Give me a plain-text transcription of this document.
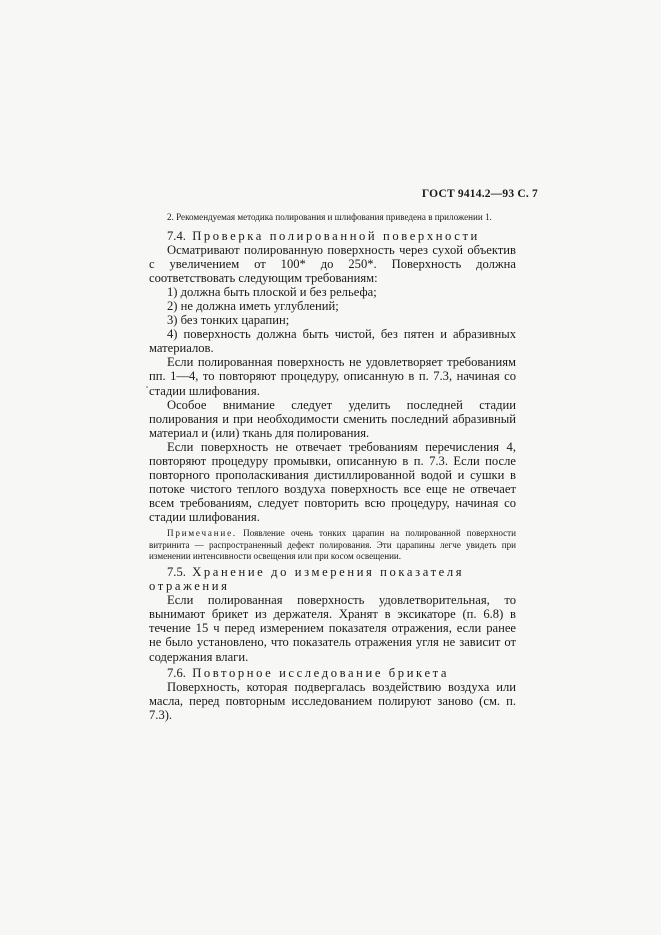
ГОСТ 9414.2—93 С. 7

2. Рекомендуемая методика полирования и шлифования приведена в приложении 1.

7.4. Проверка полированной поверхности

Осматривают полированную поверхность через сухой объектив с увеличением от 100* до 250*. Поверхность должна соответствовать следующим требованиям:

1) должна быть плоской и без рельефа;

2) не должна иметь углублений;

3) без тонких царапин;

4) поверхность должна быть чистой, без пятен и абразивных материалов.

Если полированная поверхность не удовлетворяет требованиям пп. 1—4, то повторяют процедуру, описанную в п. 7.3, начиная со стадии шлифования.

Особое внимание следует уделить последней стадии полирования и при необходимости сменить последний абразивный материал и (или) ткань для полирования.

Если поверхность не отвечает требованиям перечисления 4, повторяют процедуру промывки, описанную в п. 7.3. Если после повторного прополаскивания дистиллированной водой и сушки в потоке чистого теплого воздуха поверхность все еще не отвечает всем требованиям, следует повторить всю процедуру, начиная со стадии шлифования.

Примечание. Появление очень тонких царапин на полированной поверхности витринита — распространенный дефект полирования. Эти царапины легче увидеть при изменении интенсивности освещения или при косом освещении.

7.5. Хранение до измерения показателя отражения

Если полированная поверхность удовлетворительная, то вынимают брикет из держателя. Хранят в эксикаторе (п. 6.8) в течение 15 ч перед измерением показателя отражения, если ранее не было установлено, что показатель отражения угля не зависит от содержания влаги.

7.6. Повторное исследование брикета

Поверхность, которая подвергалась воздействию воздуха или масла, перед повторным исследованием полируют заново (см. п. 7.3).
